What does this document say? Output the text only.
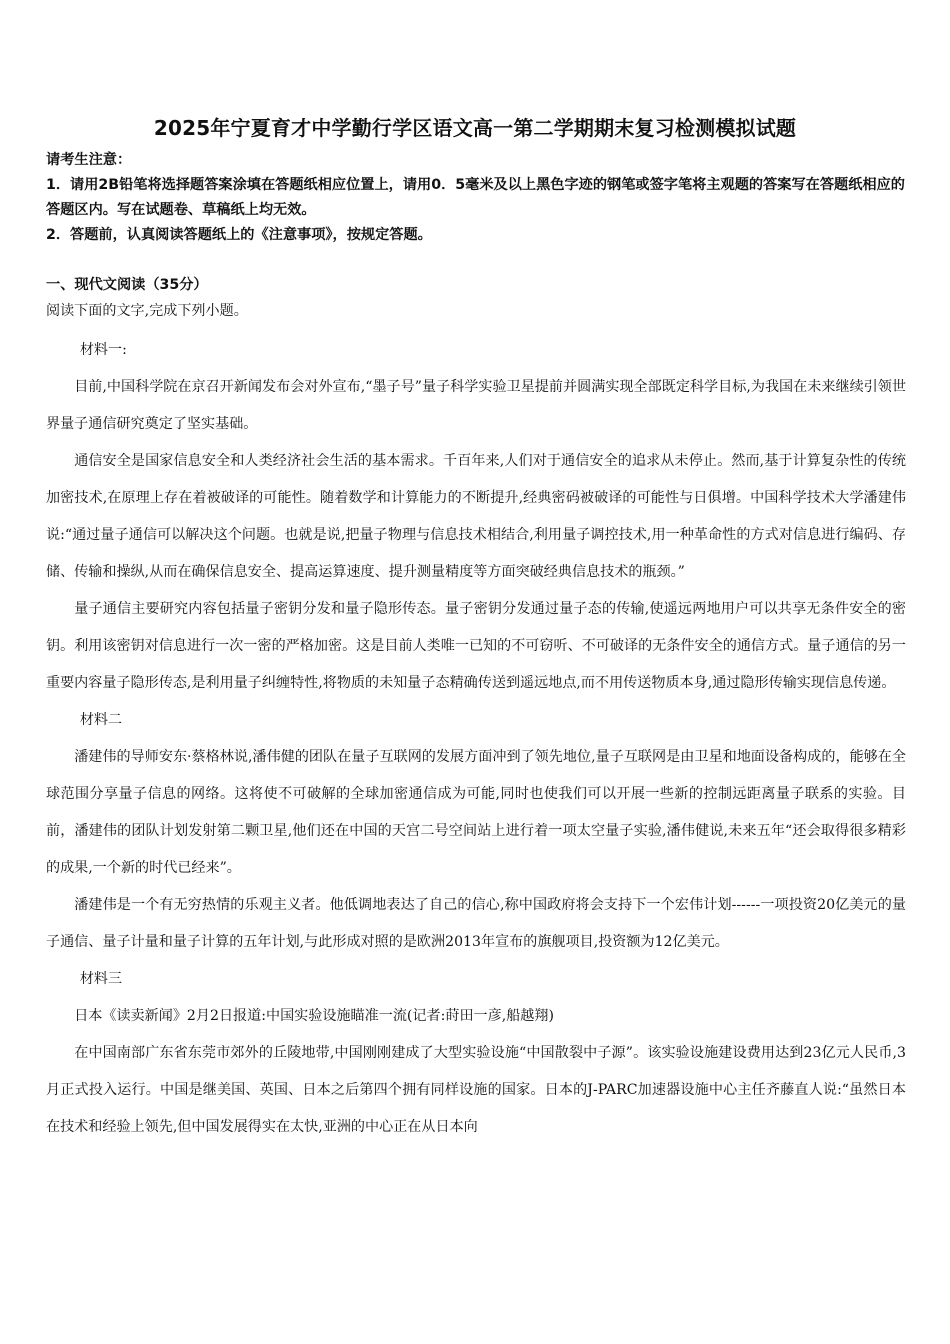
2025年宁夏育才中学勤行学区语文高一第二学期期末复习检测模拟试题

请考生注意：

1．请用2B铅笔将选择题答案涂填在答题纸相应位置上，请用0．5毫米及以上黑色字迹的钢笔或签字笔将主观题的答案写在答题纸相应的答题区内。写在试题卷、草稿纸上均无效。

2．答题前，认真阅读答题纸上的《注意事项》，按规定答题。

一、现代文阅读（35分）

阅读下面的文字,完成下列小题。

材料一:

目前,中国科学院在京召开新闻发布会对外宣布,“墨子号”量子科学实验卫星提前并圆满实现全部既定科学目标,为我国在未来继续引领世界量子通信研究奠定了坚实基础。

通信安全是国家信息安全和人类经济社会生活的基本需求。千百年来,人们对于通信安全的追求从未停止。然而,基于计算复杂性的传统加密技术,在原理上存在着被破译的可能性。随着数学和计算能力的不断提升,经典密码被破译的可能性与日俱增。中国科学技术大学潘建伟说:“通过量子通信可以解决这个问题。也就是说,把量子物理与信息技术相结合,利用量子调控技术,用一种革命性的方式对信息进行编码、存储、传输和操纵,从而在确保信息安全、提高运算速度、提升测量精度等方面突破经典信息技术的瓶颈。”

量子通信主要研究内容包括量子密钥分发和量子隐形传态。量子密钥分发通过量子态的传输,使遥远两地用户可以共享无条件安全的密钥。利用该密钥对信息进行一次一密的严格加密。这是目前人类唯一已知的不可窃听、不可破译的无条件安全的通信方式。量子通信的另一重要内容量子隐形传态,是利用量子纠缠特性,将物质的未知量子态精确传送到遥远地点,而不用传送物质本身,通过隐形传输实现信息传递。

材料二

潘建伟的导师安东·蔡格林说,潘伟健的团队在量子互联网的发展方面冲到了领先地位,量子互联网是由卫星和地面设备构成的，能够在全球范围分享量子信息的网络。这将使不可破解的全球加密通信成为可能,同时也使我们可以开展一些新的控制远距离量子联系的实验。目前，潘建伟的团队计划发射第二颗卫星,他们还在中国的天宫二号空间站上进行着一项太空量子实验,潘伟健说,未来五年“还会取得很多精彩的成果,一个新的时代已经来”。

潘建伟是一个有无穷热情的乐观主义者。他低调地表达了自己的信心,称中国政府将会支持下一个宏伟计划------一项投资20亿美元的量子通信、量子计量和量子计算的五年计划,与此形成对照的是欧洲2013年宣布的旗舰项目,投资额为12亿美元。

材料三

日本《读卖新闻》2月2日报道:中国实验设施瞄准一流(记者:莳田一彦,船越翔)

在中国南部广东省东莞市郊外的丘陵地带,中国刚刚建成了大型实验设施“中国散裂中子源”。该实验设施建设费用达到23亿元人民币,3月正式投入运行。中国是继美国、英国、日本之后第四个拥有同样设施的国家。日本的J-PARC加速器设施中心主任齐藤直人说:“虽然日本在技术和经验上领先,但中国发展得实在太快,亚洲的中心正在从日本向
